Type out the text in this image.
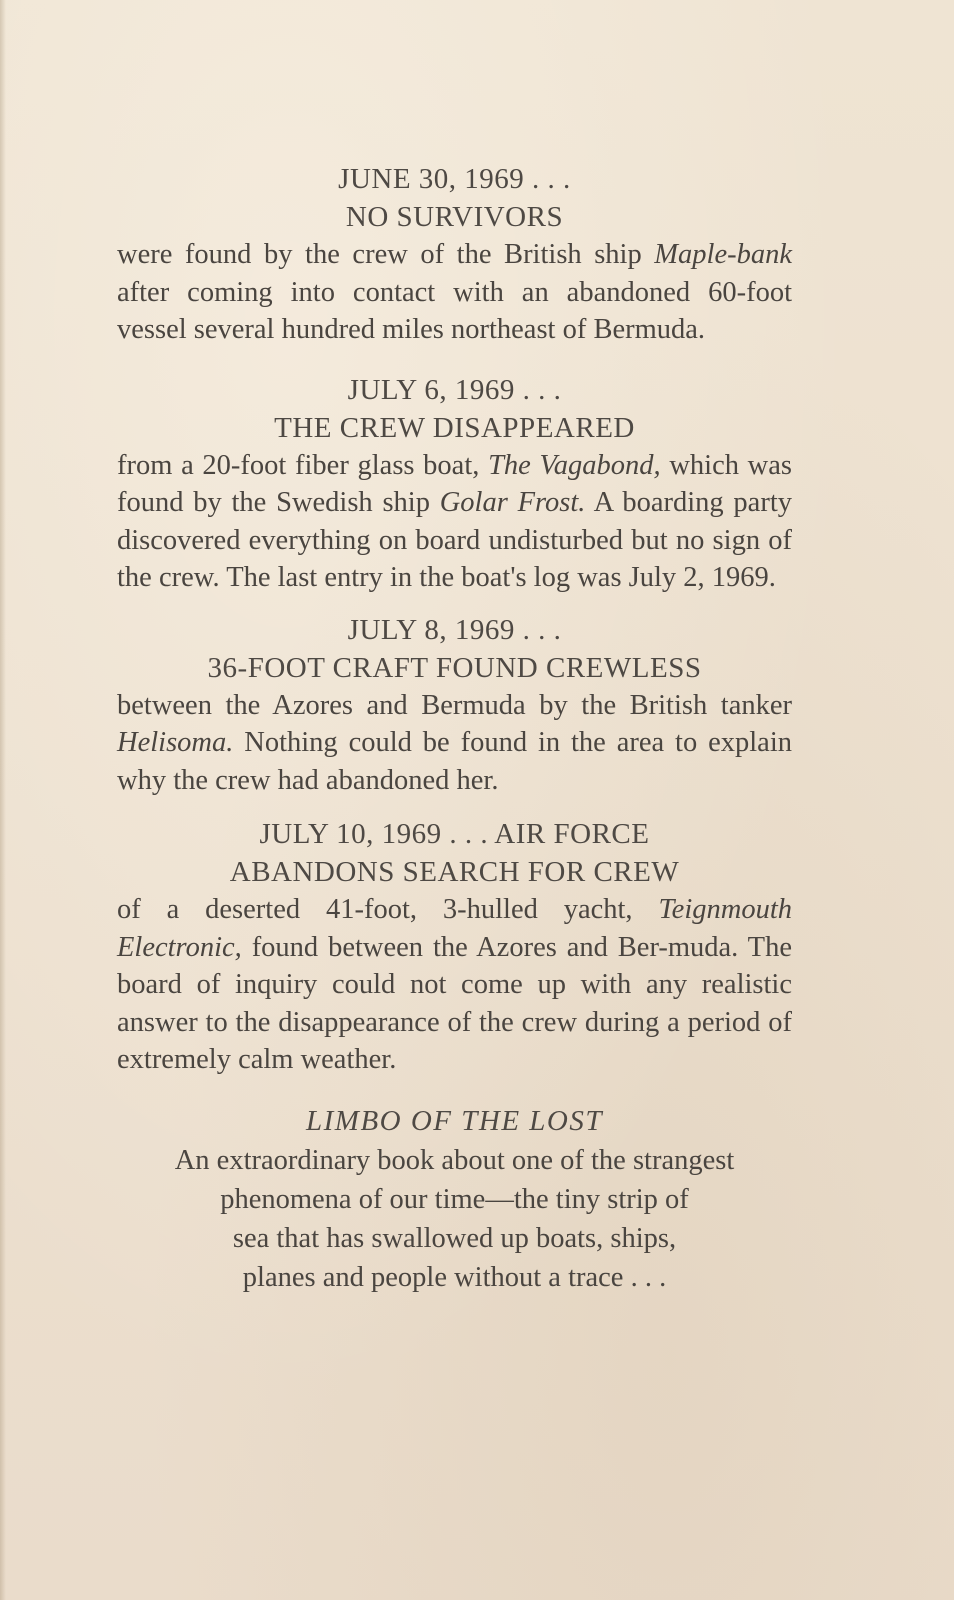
JUNE 30, 1969 . . .
NO SURVIVORS
were found by the crew of the British ship Maple-bank after coming into contact with an abandoned 60-foot vessel several hundred miles northeast of Bermuda.
JULY 6, 1969 . . .
THE CREW DISAPPEARED
from a 20-foot fiber glass boat, The Vagabond, which was found by the Swedish ship Golar Frost. A boarding party discovered everything on board undisturbed but no sign of the crew. The last entry in the boat's log was July 2, 1969.
JULY 8, 1969 . . .
36-FOOT CRAFT FOUND CREWLESS
between the Azores and Bermuda by the British tanker Helisoma. Nothing could be found in the area to explain why the crew had abandoned her.
JULY 10, 1969 . . . AIR FORCE
ABANDONS SEARCH FOR CREW
of a deserted 41-foot, 3-hulled yacht, Teignmouth Electronic, found between the Azores and Ber-muda. The board of inquiry could not come up with any realistic answer to the disappearance of the crew during a period of extremely calm weather.
LIMBO OF THE LOST
An extraordinary book about one of the strangest
phenomena of our time—the tiny strip of
sea that has swallowed up boats, ships,
planes and people without a trace . . .
